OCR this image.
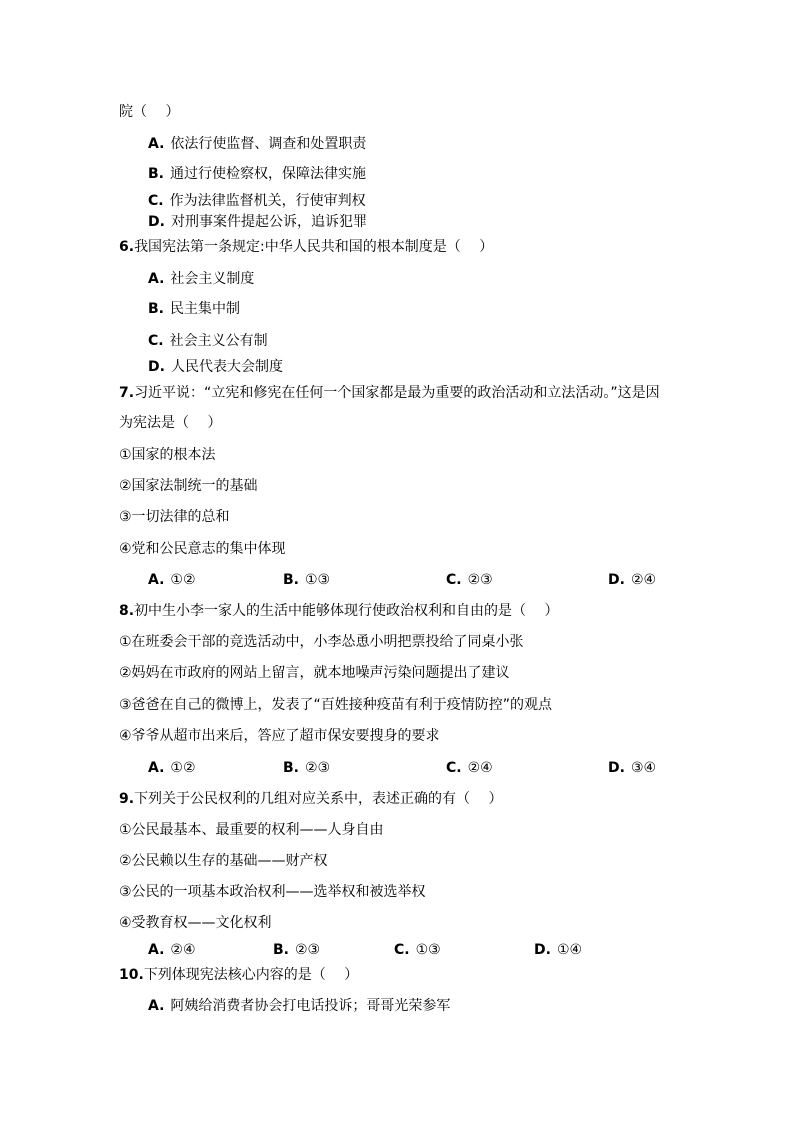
院（　 ）
A. 依法行使监督、调查和处置职责
B. 通过行使检察权，保障法律实施
C. 作为法律监督机关，行使审判权
D. 对刑事案件提起公诉，追诉犯罪
6.我国宪法第一条规定:中华人民共和国的根本制度是（　 ）
A. 社会主义制度
B. 民主集中制
C. 社会主义公有制
D. 人民代表大会制度
7.习近平说：“立宪和修宪在任何一个国家都是最为重要的政治活动和立法活动。”这是因
为宪法是（　 ）
①国家的根本法
②国家法制统一的基础
③一切法律的总和
④党和公民意志的集中体现
A. ①②	B. ①③	C. ②③	D. ②④
8.初中生小李一家人的生活中能够体现行使政治权利和自由的是（　 ）
①在班委会干部的竞选活动中，小李怂恿小明把票投给了同桌小张
②妈妈在市政府的网站上留言，就本地噪声污染问题提出了建议
③爸爸在自己的微博上，发表了“百姓接种疫苗有利于疫情防控”的观点
④爷爷从超市出来后，答应了超市保安要搜身的要求
A. ①②	B. ②③	C. ②④	D. ③④
9.下列关于公民权利的几组对应关系中，表述正确的有（　 ）
①公民最基本、最重要的权利——人身自由
②公民赖以生存的基础——财产权
③公民的一项基本政治权利——选举权和被选举权
④受教育权——文化权利
A. ②④	B. ②③	C. ①③	D. ①④
10.下列体现宪法核心内容的是（　 ）
A. 阿姨给消费者协会打电话投诉；哥哥光荣参军
